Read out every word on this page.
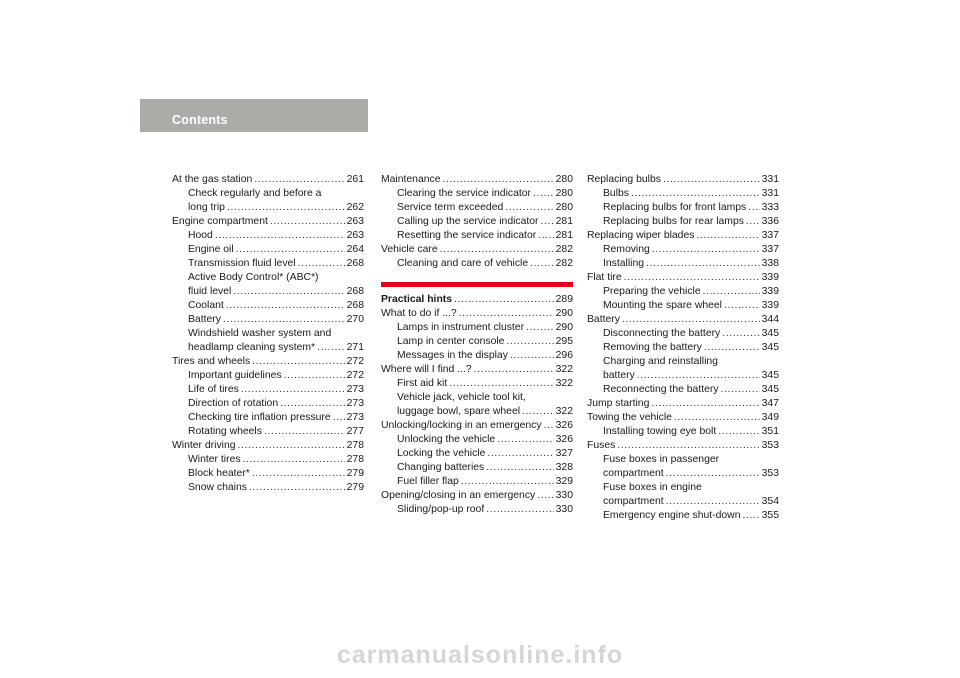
Contents
At the gas station .....	261
Check regularly and before a
long trip .....	262
Engine compartment .....	263
Hood .....	263
Engine oil .....	264
Transmission fluid level .....	268
Active Body Control* (ABC*)
fluid level .....	268
Coolant .....	268
Battery .....	270
Windshield washer system and
headlamp cleaning system* .....	271
Tires and wheels .....	272
Important guidelines .....	272
Life of tires .....	273
Direction of rotation .....	273
Checking tire inflation pressure ..... 273
Rotating wheels .....	277
Winter driving .....	278
Winter tires .....	278
Block heater* .....	279
Snow chains .....	279
Maintenance .....	280
Clearing the service indicator ..... 280
Service term exceeded .....	280
Calling up the service indicator ..... 281
Resetting the service indicator ..... 281
Vehicle care .....	282
Cleaning and care of vehicle .....	282
Practical hints .....	289
What to do if ...? .....	290
Lamps in instrument cluster .....	290
Lamp in center console .....	295
Messages in the display .....	296
Where will I find ...? .....	322
First aid kit .....	322
Vehicle jack, vehicle tool kit,
luggage bowl, spare wheel .....	322
Unlocking/locking in an emergency ..... 326
Unlocking the vehicle .....	326
Locking the vehicle .....	327
Changing batteries .....	328
Fuel filler flap .....	329
Opening/closing in an emergency ..... 330
Sliding/pop-up roof .....	330
Replacing bulbs .....	331
Bulbs .....	331
Replacing bulbs for front lamps ..... 333
Replacing bulbs for rear lamps ..... 336
Replacing wiper blades .....	337
Removing .....	337
Installing .....	338
Flat tire .....	339
Preparing the vehicle .....	339
Mounting the spare wheel .....	339
Battery .....	344
Disconnecting the battery .....	345
Removing the battery .....	345
Charging and reinstalling
battery .....	345
Reconnecting the battery .....	345
Jump starting .....	347
Towing the vehicle .....	349
Installing towing eye bolt .....	351
Fuses .....	353
Fuse boxes in passenger
compartment .....	353
Fuse boxes in engine
compartment .....	354
Emergency engine shut-down ..... 355
carmanualsonline.info
